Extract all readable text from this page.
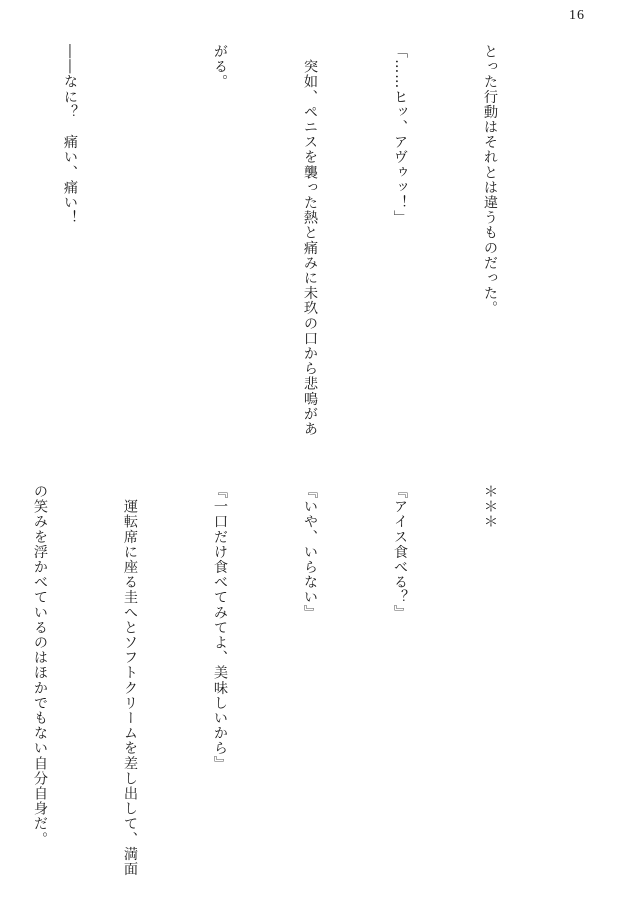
16

とった行動はそれとは違うものだった。

「……ヒッ、アヴゥッ！」

　突如、ペニスを襲った熱と痛みに未玖の口から悲鳴があ

がる。

――なに？　痛い、痛い！

＊＊＊

『アイス食べる？』

『いや、いらない』

『一口だけ食べてみてよ、美味しいから』

　運転席に座る圭へとソフトクリームを差し出して、満面

の笑みを浮かべているのはほかでもない自分自身だ。
